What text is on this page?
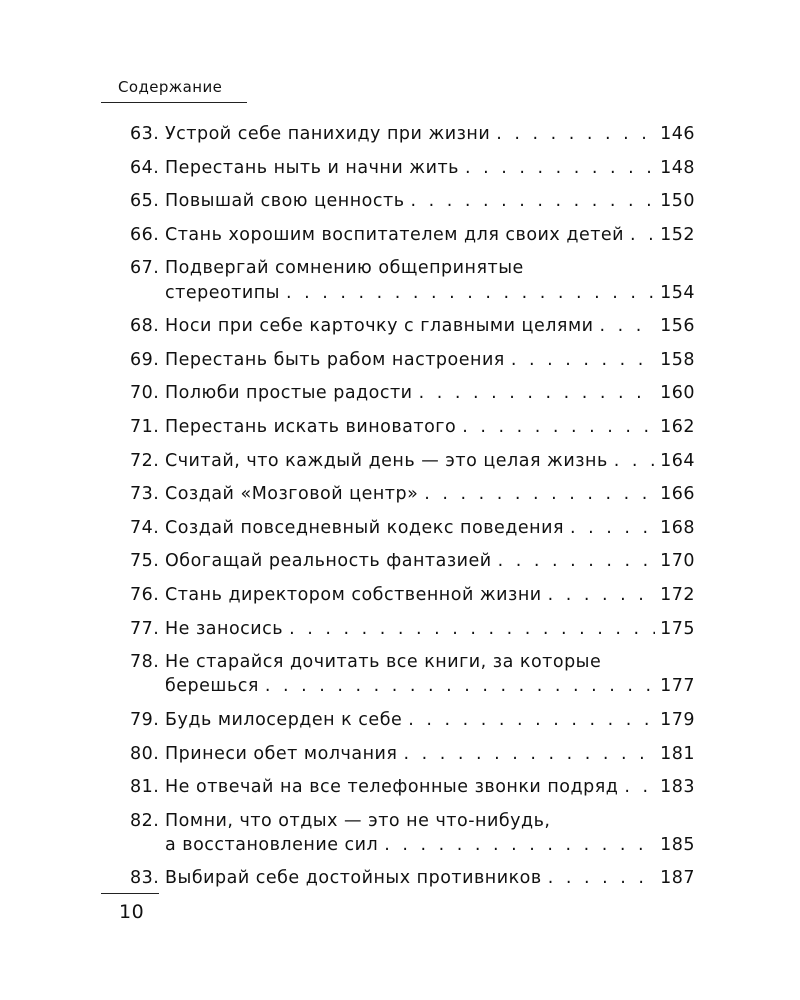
Содержание
63. Устрой себе панихиду при жизни . . .	146
64. Перестань ныть и начни жить . . .	148
65. Повышай свою ценность . . .	150
66. Стань хорошим воспитателем для своих детей . . . 152
67. Подвергай сомнению общепринятые
стереотипы . . .	154
68. Носи при себе карточку с главными целями . . .	156
69. Перестань быть рабом настроения . . .	158
70. Полюби простые радости . . .	160
71. Перестань искать виноватого . . .	162
72. Считай, что каждый день — это целая жизнь . . .	164
73. Создай «Мозговой центр» . . .	166
74. Создай повседневный кодекс поведения . . .	168
75. Обогащай реальность фантазией . . .	170
76. Стань директором собственной жизни . . .	172
77. Не заносись . . .	175
78. Не старайся дочитать все книги, за которые
берешься . . .	177
79. Будь милосерден к себе . . .	179
80. Принеси обет молчания . . .	181
81. Не отвечай на все телефонные звонки подряд . . . 183
82. Помни, что отдых — это не что-нибудь,
а восстановление сил . . .	185
83. Выбирай себе достойных противников . . .	187
10
